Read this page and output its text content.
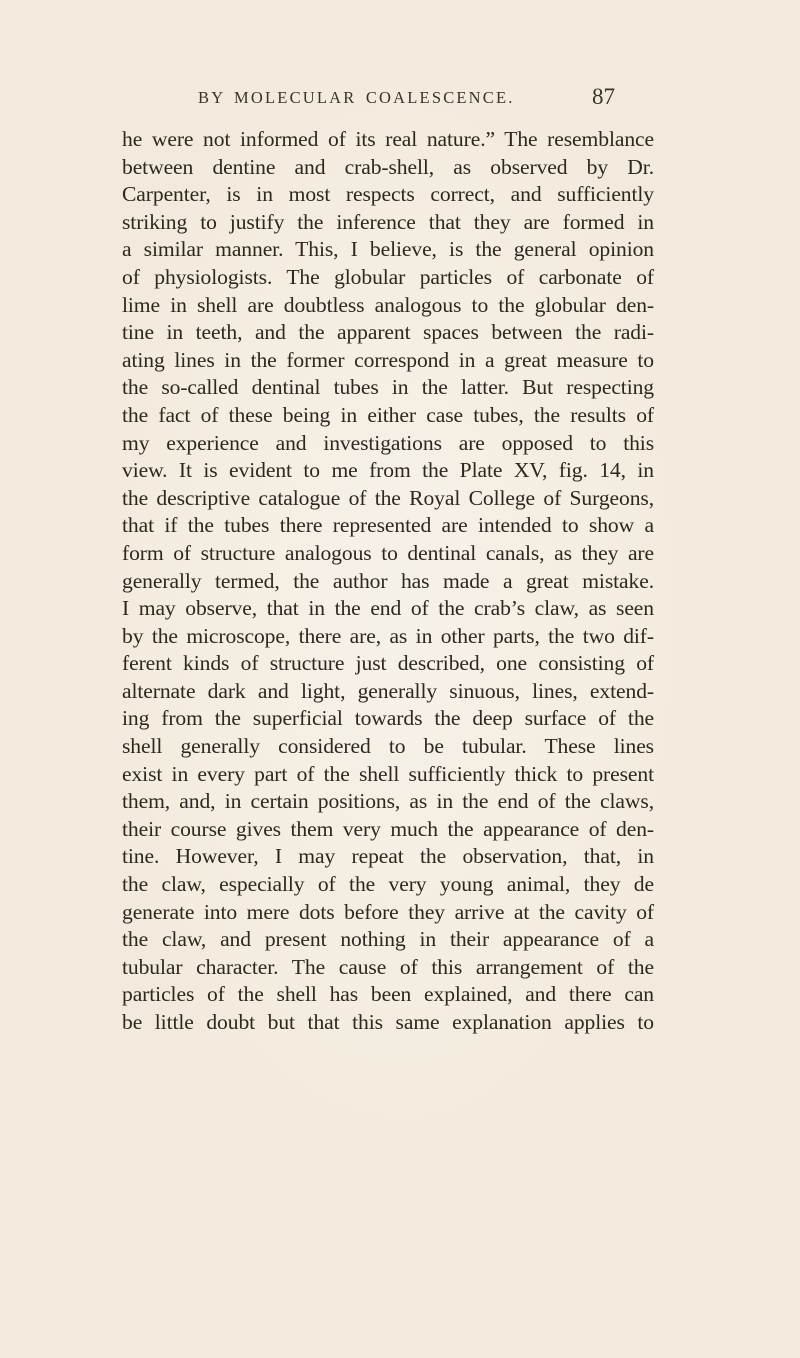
BY MOLECULAR COALESCENCE.	87
he were not informed of its real nature.” The resemblance
between dentine and crab-shell, as observed by Dr.
Carpenter, is in most respects correct, and sufficiently
striking to justify the inference that they are formed in
a similar manner. This, I believe, is the general opinion
of physiologists. The globular particles of carbonate of
lime in shell are doubtless analogous to the globular den-
tine in teeth, and the apparent spaces between the radi-
ating lines in the former correspond in a great measure to
the so-called dentinal tubes in the latter. But respecting
the fact of these being in either case tubes, the results of
my experience and investigations are opposed to this
view. It is evident to me from the Plate XV, fig. 14, in
the descriptive catalogue of the Royal College of Surgeons,
that if the tubes there represented are intended to show a
form of structure analogous to dentinal canals, as they are
generally termed, the author has made a great mistake.
I may observe, that in the end of the crab’s claw, as seen
by the microscope, there are, as in other parts, the two dif-
ferent kinds of structure just described, one consisting of
alternate dark and light, generally sinuous, lines, extend-
ing from the superficial towards the deep surface of the
shell generally considered to be tubular. These lines
exist in every part of the shell sufficiently thick to present
them, and, in certain positions, as in the end of the claws,
their course gives them very much the appearance of den-
tine. However, I may repeat the observation, that, in
the claw, especially of the very young animal, they de
generate into mere dots before they arrive at the cavity of
the claw, and present nothing in their appearance of a
tubular character. The cause of this arrangement of the
particles of the shell has been explained, and there can
be little doubt but that this same explanation applies to
